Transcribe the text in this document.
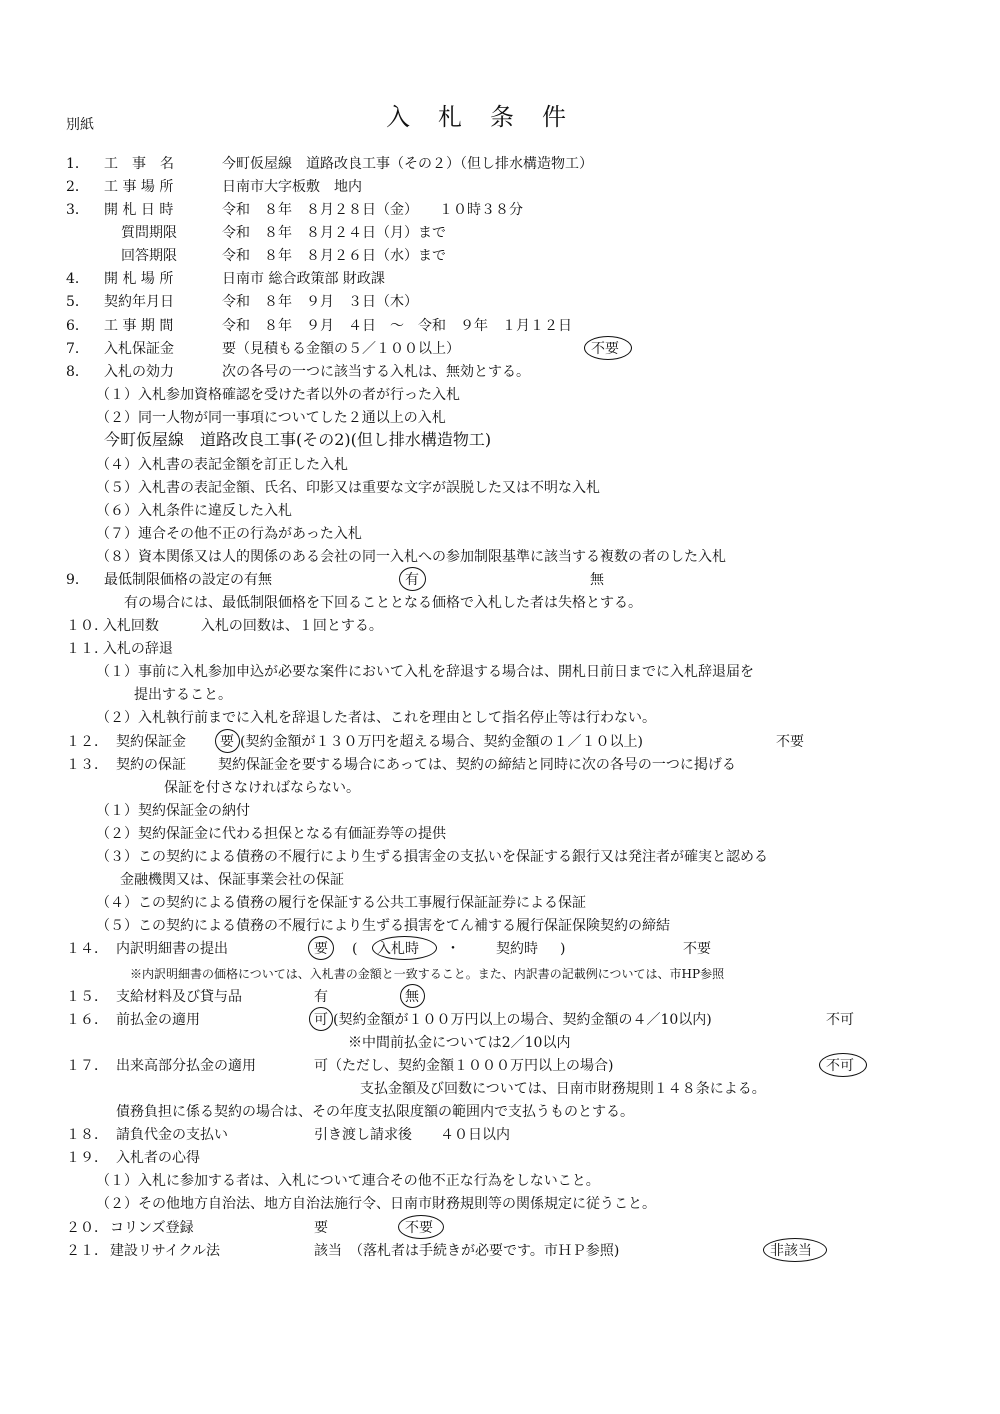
別紙	入　札　条　件
1． 工　事　名	今町仮屋線　道路改良工事（その２）（但し排水構造物工）
2． 工 事 場 所	日南市大字板敷　地内
3． 開 札 日 時	令和　８年　８月２８日（金）　　１０時３８分
質問期限	令和　８年　８月２４日（月）まで
回答期限	令和　８年　８月２６日（水）まで
4． 開 札 場 所	日南市 総合政策部 財政課
5． 契約年月日	令和　８年　９月　３日（木）
6． 工 事 期 間	令和　８年　９月　４日　～　令和　９年　１月１２日
7． 入札保証金	要（見積もる金額の５／１００以上）	不要
8． 入札の効力	次の各号の一つに該当する入札は、無効とする。
（１）入札参加資格確認を受けた者以外の者が行った入札
（２）同一人物が同一事項についてした２通以上の入札
今町仮屋線　道路改良工事(その2)(但し排水構造物工)
（４）入札書の表記金額を訂正した入札
（５）入札書の表記金額、氏名、印影又は重要な文字が誤脱した又は不明な入札
（６）入札条件に違反した入札
（７）連合その他不正の行為があった入札
（８）資本関係又は人的関係のある会社の同一入札への参加制限基準に該当する複数の者のした入札
9． 最低制限価格の設定の有無	有	無
有の場合には、最低制限価格を下回ることとなる価格で入札した者は失格とする。
１０. 入札回数　　　入札の回数は、１回とする。
１１. 入札の辞退
（１）事前に入札参加申込が必要な案件において入札を辞退する場合は、開札日前日までに入札辞退届を
提出すること。
（２）入札執行前までに入札を辞退した者は、これを理由として指名停止等は行わない。
１２． 契約保証金 要 (契約金額が１３０万円を超える場合、契約金額の１／１０以上)	不要
１３． 契約の保証 契約保証金を要する場合にあっては、契約の締結と同時に次の各号の一つに掲げる
保証を付さなければならない。
（１）契約保証金の納付
（２）契約保証金に代わる担保となる有価証券等の提供
（３）この契約による債務の不履行により生ずる損害金の支払いを保証する銀行又は発注者が確実と認める
金融機関又は、保証事業会社の保証
（４）この契約による債務の履行を保証する公共工事履行保証証券による保証
（５）この契約による債務の不履行により生ずる損害をてん補する履行保証保険契約の締結
１４． 内訳明細書の提出	要 ( 入札時 ・	契約時 )	不要
※内訳明細書の価格については、入札書の金額と一致すること。また、内訳書の記載例については、市HP参照
１５． 支給材料及び貸与品	有	無
１６． 前払金の適用	可 (契約金額が１００万円以上の場合、契約金額の４／10以内)	不可
※中間前払金については2／10以内
１７． 出来高部分払金の適用	可（ただし、契約金額１０００万円以上の場合)	不可
支払金額及び回数については、日南市財務規則１４８条による。
債務負担に係る契約の場合は、その年度支払限度額の範囲内で支払うものとする。
１８． 請負代金の支払い	引き渡し請求後　　４０日以内
１９． 入札者の心得
（１）入札に参加する者は、入札について連合その他不正な行為をしないこと。
（２）その他地方自治法、地方自治法施行令、日南市財務規則等の関係規定に従うこと。
２０． コリンズ登録	要	不要
２１． 建設リサイクル法	該当　（落札者は手続きが必要です。市ＨＰ参照)	非該当
